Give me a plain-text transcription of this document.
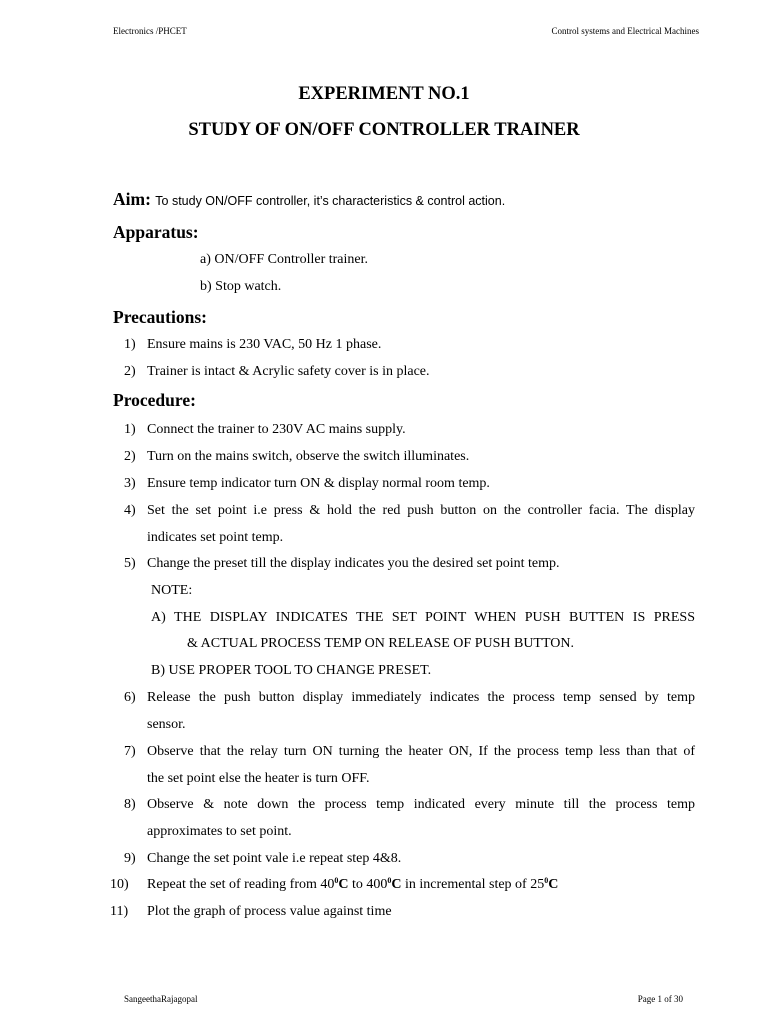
Electronics /PHCET	Control systems and Electrical Machines
EXPERIMENT NO.1
STUDY OF ON/OFF CONTROLLER TRAINER
Aim: To study ON/OFF controller, it’s characteristics & control action.
Apparatus:
a) ON/OFF Controller trainer.
b) Stop watch.
Precautions:
1) Ensure mains is 230 VAC, 50 Hz 1 phase.
2) Trainer is intact & Acrylic safety cover is in place.
Procedure:
1) Connect the trainer to 230V AC mains supply.
2) Turn on the mains switch, observe the switch illuminates.
3) Ensure temp indicator turn ON & display normal room temp.
4) Set the set point i.e press & hold the red push button on the controller facia. The display
indicates set point temp.
5) Change the preset till the display indicates you the desired set point temp.
NOTE:
A) THE DISPLAY INDICATES THE SET POINT WHEN PUSH BUTTEN IS PRESS
& ACTUAL PROCESS TEMP ON RELEASE OF PUSH BUTTON.
B) USE PROPER TOOL TO CHANGE PRESET.
6) Release the push button display immediately indicates the process temp sensed by temp
sensor.
7) Observe that the relay turn ON turning the heater ON, If the process temp less than that of
the set point else the heater is turn OFF.
8) Observe & note down the process temp indicated every minute till the process temp
approximates to set point.
9) Change the set point vale i.e repeat step 4&8.
10) Repeat the set of reading from $40^0C$ to $400^0C$ in incremental step of $25^0C$
11) Plot the graph of process value against time
SangeethaRajagopal	Page 1 of 30
